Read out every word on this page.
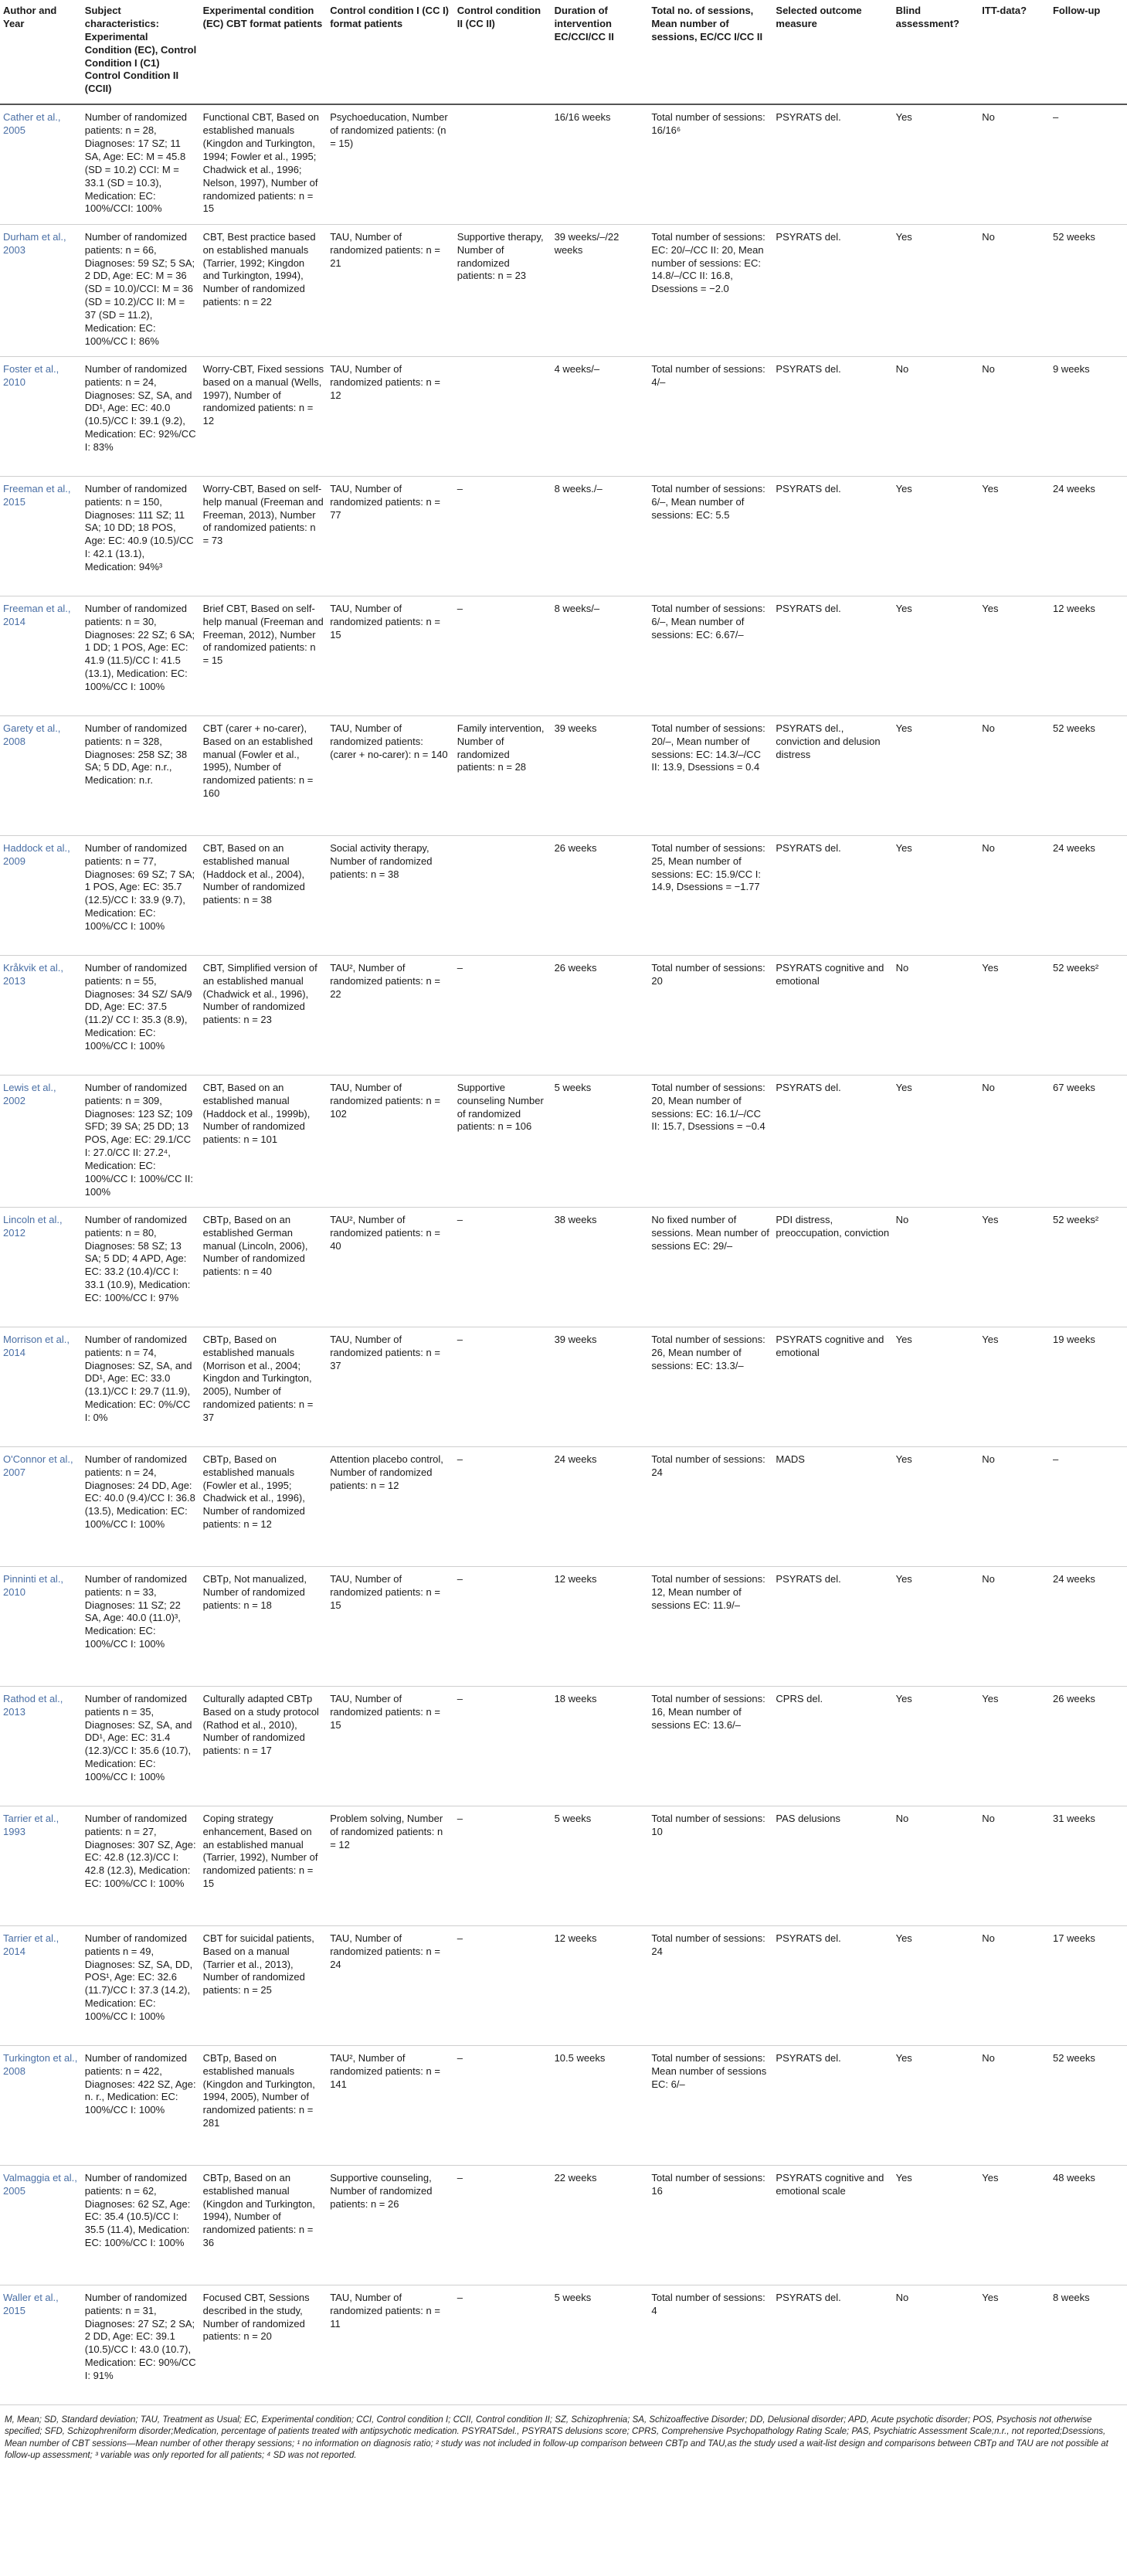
Author and Year	Subject characteristics: Experimental Condition (EC), Control Condition I (C1) Control Condition II (CCII)	Experimental condition (EC) CBT format patients	Control condition I (CC I) format patients	Control condition II (CC II)	Duration of intervention EC/CCI/CC II	Total no. of sessions, Mean number of sessions, EC/CC I/CC II	Selected outcome measure	Blind assessment?	ITT-data?	Follow-up
Cather et al., 2005	Number of randomized patients: n = 28, Diagnoses: 17 SZ; 11 SA, Age: EC: M = 45.8 (SD = 10.2) CCI: M = 33.1 (SD = 10.3), Medication: EC: 100%/CCI: 100%	Functional CBT, Based on established manuals (Kingdon and Turkington, 1994; Fowler et al., 1995; Chadwick et al., 1996; Nelson, 1997), Number of randomized patients: n = 15	Psychoeducation, Number of randomized patients: (n = 15)		16/16 weeks	Total number of sessions: 16/16⁶	PSYRATS del.	Yes	No	–
Durham et al., 2003	Number of randomized patients: n = 66, Diagnoses: 59 SZ; 5 SA; 2 DD, Age: EC: M = 36 (SD = 10.0)/CCI: M = 36 (SD = 10.2)/CC II: M = 37 (SD = 11.2), Medication: EC: 100%/CC I: 86%	CBT, Best practice based on established manuals (Tarrier, 1992; Kingdon and Turkington, 1994), Number of randomized patients: n = 22	TAU, Number of randomized patients: n = 21	Supportive therapy, Number of randomized patients: n = 23	39 weeks/–/22 weeks	Total number of sessions: EC: 20/–/CC II: 20, Mean number of sessions: EC: 14.8/–/CC II: 16.8, Dsessions = −2.0	PSYRATS del.	Yes	No	52 weeks
Foster et al., 2010	Number of randomized patients: n = 24, Diagnoses: SZ, SA, and DD¹, Age: EC: 40.0 (10.5)/CC I: 39.1 (9.2), Medication: EC: 92%/CC I: 83%	Worry-CBT, Fixed sessions based on a manual (Wells, 1997), Number of randomized patients: n = 12	TAU, Number of randomized patients: n = 12		4 weeks/–	Total number of sessions: 4/–	PSYRATS del.	No	No	9 weeks
Freeman et al., 2015	Number of randomized patients: n = 150, Diagnoses: 111 SZ; 11 SA; 10 DD; 18 POS, Age: EC: 40.9 (10.5)/CC I: 42.1 (13.1), Medication: 94%³	Worry-CBT, Based on self-help manual (Freeman and Freeman, 2013), Number of randomized patients: n = 73	TAU, Number of randomized patients: n = 77	–	8 weeks./–	Total number of sessions: 6/–, Mean number of sessions: EC: 5.5	PSYRATS del.	Yes	Yes	24 weeks
Freeman et al., 2014	Number of randomized patients: n = 30, Diagnoses: 22 SZ; 6 SA; 1 DD; 1 POS, Age: EC: 41.9 (11.5)/CC I: 41.5 (13.1), Medication: EC: 100%/CC I: 100%	Brief CBT, Based on self-help manual (Freeman and Freeman, 2012), Number of randomized patients: n = 15	TAU, Number of randomized patients: n = 15	–	8 weeks/–	Total number of sessions: 6/–, Mean number of sessions: EC: 6.67/–	PSYRATS del.	Yes	Yes	12 weeks
Garety et al., 2008	Number of randomized patients: n = 328, Diagnoses: 258 SZ; 38 SA; 5 DD, Age: n.r., Medication: n.r.	CBT (carer + no-carer), Based on an established manual (Fowler et al., 1995), Number of randomized patients: n = 160	TAU, Number of randomized patients: (carer + no-carer): n = 140	Family intervention, Number of randomized patients: n = 28	39 weeks	Total number of sessions: 20/–, Mean number of sessions: EC: 14.3/–/CC II: 13.9, Dsessions = 0.4	PSYRATS del., conviction and delusion distress	Yes	No	52 weeks
Haddock et al., 2009	Number of randomized patients: n = 77, Diagnoses: 69 SZ; 7 SA; 1 POS, Age: EC: 35.7 (12.5)/CC I: 33.9 (9.7), Medication: EC: 100%/CC I: 100%	CBT, Based on an established manual (Haddock et al., 2004), Number of randomized patients: n = 38	Social activity therapy, Number of randomized patients: n = 38		26 weeks	Total number of sessions: 25, Mean number of sessions: EC: 15.9/CC I: 14.9, Dsessions = −1.77	PSYRATS del.	Yes	No	24 weeks
Kråkvik et al., 2013	Number of randomized patients: n = 55, Diagnoses: 34 SZ/ SA/9 DD, Age: EC: 37.5 (11.2)/ CC I: 35.3 (8.9), Medication: EC: 100%/CC I: 100%	CBT, Simplified version of an established manual (Chadwick et al., 1996), Number of randomized patients: n = 23	TAU², Number of randomized patients: n = 22	–	26 weeks	Total number of sessions: 20	PSYRATS cognitive and emotional	No	Yes	52 weeks²
Lewis et al., 2002	Number of randomized patients: n = 309, Diagnoses: 123 SZ; 109 SFD; 39 SA; 25 DD; 13 POS, Age: EC: 29.1/CC I: 27.0/CC II: 27.2⁴, Medication: EC: 100%/CC I: 100%/CC II: 100%	CBT, Based on an established manual (Haddock et al., 1999b), Number of randomized patients: n = 101	TAU, Number of randomized patients: n = 102	Supportive counseling Number of randomized patients: n = 106	5 weeks	Total number of sessions: 20, Mean number of sessions: EC: 16.1/–/CC II: 15.7, Dsessions = −0.4	PSYRATS del.	Yes	No	67 weeks
Lincoln et al., 2012	Number of randomized patients: n = 80, Diagnoses: 58 SZ; 13 SA; 5 DD; 4 APD, Age: EC: 33.2 (10.4)/CC I: 33.1 (10.9), Medication: EC: 100%/CC I: 97%	CBTp, Based on an established German manual (Lincoln, 2006), Number of randomized patients: n = 40	TAU², Number of randomized patients: n = 40	–	38 weeks	No fixed number of sessions. Mean number of sessions EC: 29/–	PDI distress, preoccupation, conviction	No	Yes	52 weeks²
Morrison et al., 2014	Number of randomized patients: n = 74, Diagnoses: SZ, SA, and DD¹, Age: EC: 33.0 (13.1)/CC I: 29.7 (11.9), Medication: EC: 0%/CC I: 0%	CBTp, Based on established manuals (Morrison et al., 2004; Kingdon and Turkington, 2005), Number of randomized patients: n = 37	TAU, Number of randomized patients: n = 37	–	39 weeks	Total number of sessions: 26, Mean number of sessions: EC: 13.3/–	PSYRATS cognitive and emotional	Yes	Yes	19 weeks
O'Connor et al., 2007	Number of randomized patients: n = 24, Diagnoses: 24 DD, Age: EC: 40.0 (9.4)/CC I: 36.8 (13.5), Medication: EC: 100%/CC I: 100%	CBTp, Based on established manuals (Fowler et al., 1995; Chadwick et al., 1996), Number of randomized patients: n = 12	Attention placebo control, Number of randomized patients: n = 12	–	24 weeks	Total number of sessions: 24	MADS	Yes	No	–
Pinninti et al., 2010	Number of randomized patients: n = 33, Diagnoses: 11 SZ; 22 SA, Age: 40.0 (11.0)³, Medication: EC: 100%/CC I: 100%	CBTp, Not manualized, Number of randomized patients: n = 18	TAU, Number of randomized patients: n = 15	–	12 weeks	Total number of sessions: 12, Mean number of sessions EC: 11.9/–	PSYRATS del.	Yes	No	24 weeks
Rathod et al., 2013	Number of randomized patients n = 35, Diagnoses: SZ, SA, and DD¹, Age: EC: 31.4 (12.3)/CC I: 35.6 (10.7), Medication: EC: 100%/CC I: 100%	Culturally adapted CBTp Based on a study protocol (Rathod et al., 2010), Number of randomized patients: n = 17	TAU, Number of randomized patients: n = 15	–	18 weeks	Total number of sessions: 16, Mean number of sessions EC: 13.6/–	CPRS del.	Yes	Yes	26 weeks
Tarrier et al., 1993	Number of randomized patients: n = 27, Diagnoses: 307 SZ, Age: EC: 42.8 (12.3)/CC I: 42.8 (12.3), Medication: EC: 100%/CC I: 100%	Coping strategy enhancement, Based on an established manual (Tarrier, 1992), Number of randomized patients: n = 15	Problem solving, Number of randomized patients: n = 12	–	5 weeks	Total number of sessions: 10	PAS delusions	No	No	31 weeks
Tarrier et al., 2014	Number of randomized patients n = 49, Diagnoses: SZ, SA, DD, POS¹, Age: EC: 32.6 (11.7)/CC I: 37.3 (14.2), Medication: EC: 100%/CC I: 100%	CBT for suicidal patients, Based on a manual (Tarrier et al., 2013), Number of randomized patients: n = 25	TAU, Number of randomized patients: n = 24	–	12 weeks	Total number of sessions: 24	PSYRATS del.	Yes	No	17 weeks
Turkington et al., 2008	Number of randomized patients: n = 422, Diagnoses: 422 SZ, Age: n. r., Medication: EC: 100%/CC I: 100%	CBTp, Based on established manuals (Kingdon and Turkington, 1994, 2005), Number of randomized patients: n = 281	TAU², Number of randomized patients: n = 141	–	10.5 weeks	Total number of sessions: Mean number of sessions EC: 6/–	PSYRATS del.	Yes	No	52 weeks
Valmaggia et al., 2005	Number of randomized patients: n = 62, Diagnoses: 62 SZ, Age: EC: 35.4 (10.5)/CC I: 35.5 (11.4), Medication: EC: 100%/CC I: 100%	CBTp, Based on an established manual (Kingdon and Turkington, 1994), Number of randomized patients: n = 36	Supportive counseling, Number of randomized patients: n = 26	–	22 weeks	Total number of sessions: 16	PSYRATS cognitive and emotional scale	Yes	Yes	48 weeks
Waller et al., 2015	Number of randomized patients: n = 31, Diagnoses: 27 SZ; 2 SA; 2 DD, Age: EC: 39.1 (10.5)/CC I: 43.0 (10.7), Medication: EC: 90%/CC I: 91%	Focused CBT, Sessions described in the study, Number of randomized patients: n = 20	TAU, Number of randomized patients: n = 11	–	5 weeks	Total number of sessions: 4	PSYRATS del.	No	Yes	8 weeks
M, Mean; SD, Standard deviation; TAU, Treatment as Usual; EC, Experimental condition; CCI, Control condition I; CCII, Control condition II; SZ, Schizophrenia; SA, Schizoaffective Disorder; DD, Delusional disorder; APD, Acute psychotic disorder; POS, Psychosis not otherwise specified; SFD, Schizophreniform disorder;Medication, percentage of patients treated with antipsychotic medication. PSYRATSdel., PSYRATS delusions score; CPRS, Comprehensive Psychopathology Rating Scale; PAS, Psychiatric Assessment Scale;n.r., not reported;Dsessions, Mean number of CBT sessions—Mean number of other therapy sessions; ¹ no information on diagnosis ratio; ² study was not included in follow-up comparison between CBTp and TAU,as the study used a wait-list design and comparisons between CBTp and TAU are not possible at follow-up assessment; ³ variable was only reported for all patients; ⁴ SD was not reported.
